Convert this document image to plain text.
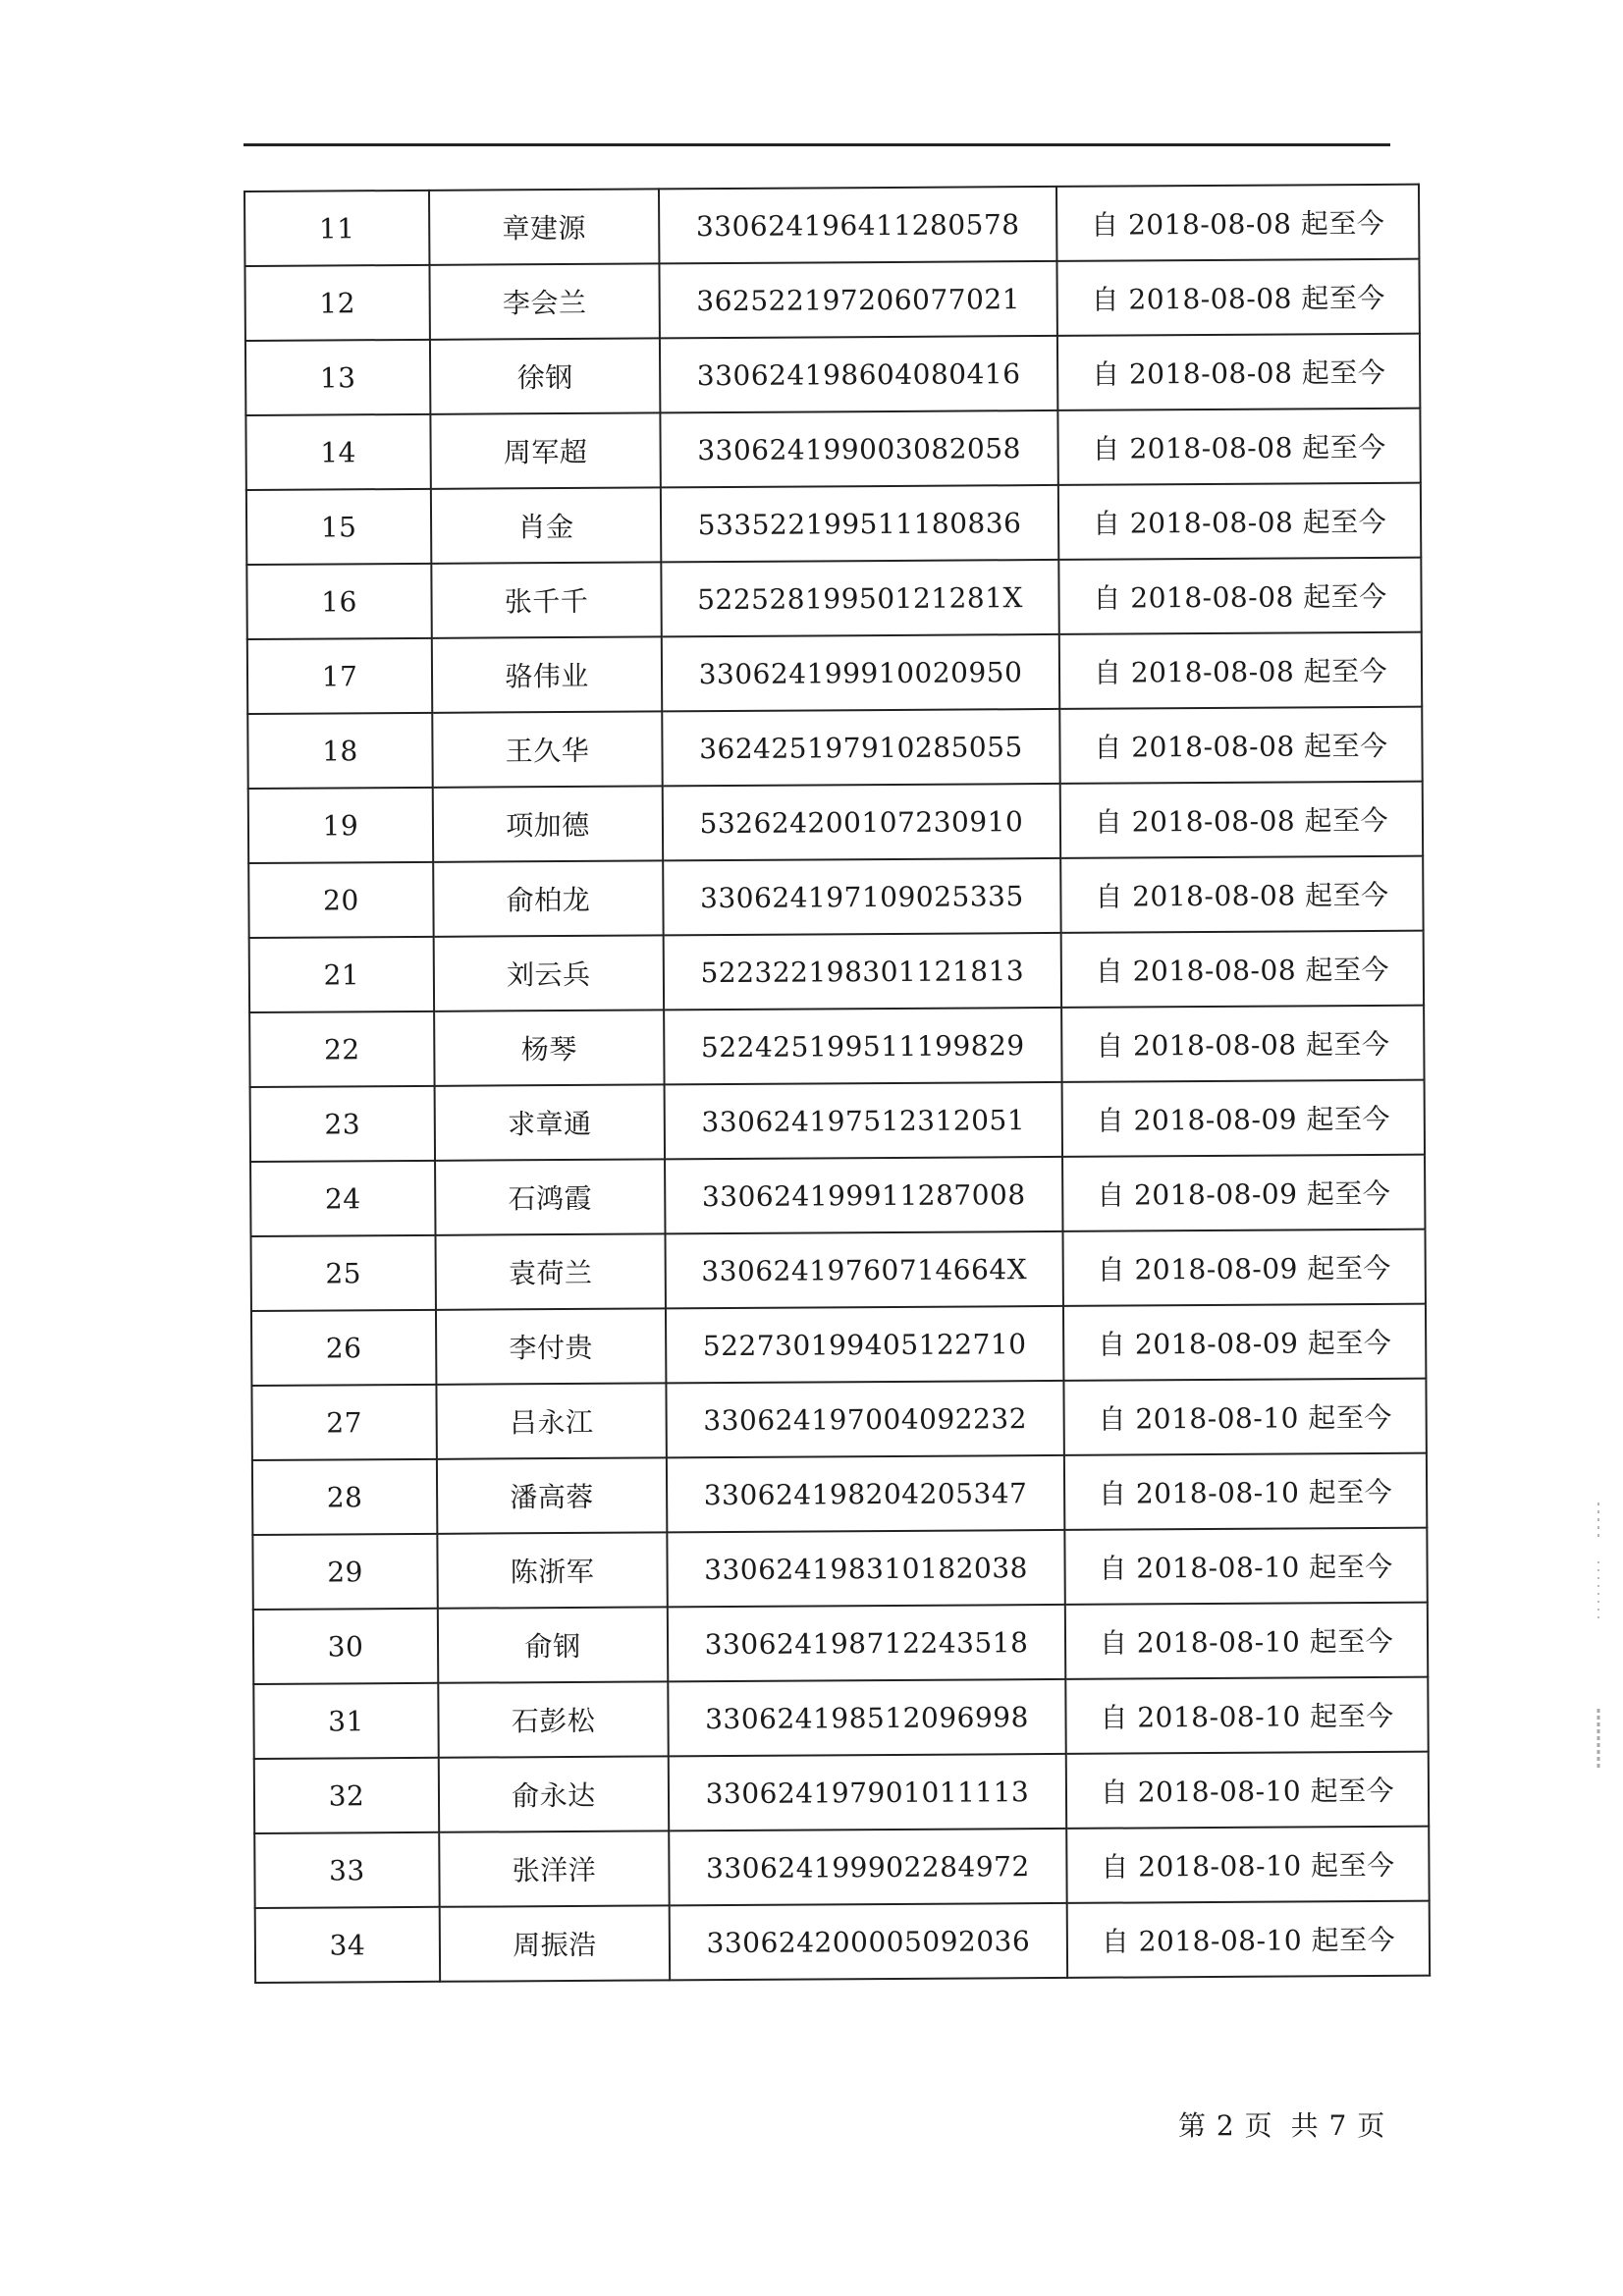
11	章建源	330624196411280578	自 2018-08-08 起至今
12	李会兰	362522197206077021	自 2018-08-08 起至今
13	徐钢	330624198604080416	自 2018-08-08 起至今
14	周军超	330624199003082058	自 2018-08-08 起至今
15	肖金	533522199511180836	自 2018-08-08 起至今
16	张千千	52252819950121281X	自 2018-08-08 起至今
17	骆伟业	330624199910020950	自 2018-08-08 起至今
18	王久华	362425197910285055	自 2018-08-08 起至今
19	项加德	532624200107230910	自 2018-08-08 起至今
20	俞柏龙	330624197109025335	自 2018-08-08 起至今
21	刘云兵	522322198301121813	自 2018-08-08 起至今
22	杨琴	522425199511199829	自 2018-08-08 起至今
23	求章通	330624197512312051	自 2018-08-09 起至今
24	石鸿霞	330624199911287008	自 2018-08-09 起至今
25	袁荷兰	33062419760714664X	自 2018-08-09 起至今
26	李付贵	522730199405122710	自 2018-08-09 起至今
27	吕永江	330624197004092232	自 2018-08-10 起至今
28	潘高蓉	330624198204205347	自 2018-08-10 起至今
29	陈浙军	330624198310182038	自 2018-08-10 起至今
30	俞钢	330624198712243518	自 2018-08-10 起至今
31	石彭松	330624198512096998	自 2018-08-10 起至今
32	俞永达	330624197901011113	自 2018-08-10 起至今
33	张洋洋	330624199902284972	自 2018-08-10 起至今
34	周振浩	330624200005092036	自 2018-08-10 起至今
第 2 页 共 7 页
